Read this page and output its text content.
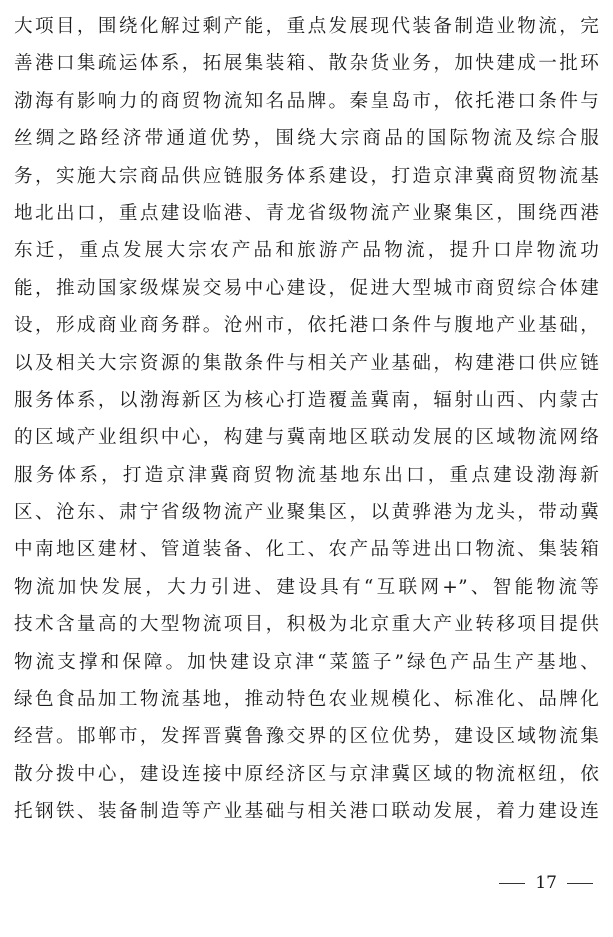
大项目，围绕化解过剩产能，重点发展现代装备制造业物流，完
善港口集疏运体系，拓展集装箱、散杂货业务，加快建成一批环
渤海有影响力的商贸物流知名品牌。秦皇岛市，依托港口条件与
丝绸之路经济带通道优势，围绕大宗商品的国际物流及综合服
务，实施大宗商品供应链服务体系建设，打造京津冀商贸物流基
地北出口，重点建设临港、青龙省级物流产业聚集区，围绕西港
东迁，重点发展大宗农产品和旅游产品物流，提升口岸物流功
能，推动国家级煤炭交易中心建设，促进大型城市商贸综合体建
设，形成商业商务群。沧州市，依托港口条件与腹地产业基础，
以及相关大宗资源的集散条件与相关产业基础，构建港口供应链
服务体系，以渤海新区为核心打造覆盖冀南，辐射山西、内蒙古
的区域产业组织中心，构建与冀南地区联动发展的区域物流网络
服务体系，打造京津冀商贸物流基地东出口，重点建设渤海新
区、沧东、肃宁省级物流产业聚集区，以黄骅港为龙头，带动冀
中南地区建材、管道装备、化工、农产品等进出口物流、集装箱
物流加快发展，大力引进、建设具有“互联网+”、智能物流等
技术含量高的大型物流项目，积极为北京重大产业转移项目提供
物流支撑和保障。加快建设京津“菜篮子”绿色产品生产基地、
绿色食品加工物流基地，推动特色农业规模化、标准化、品牌化
经营。邯郸市，发挥晋冀鲁豫交界的区位优势，建设区域物流集
散分拨中心，建设连接中原经济区与京津冀区域的物流枢纽，依
托钢铁、装备制造等产业基础与相关港口联动发展，着力建设连
17
